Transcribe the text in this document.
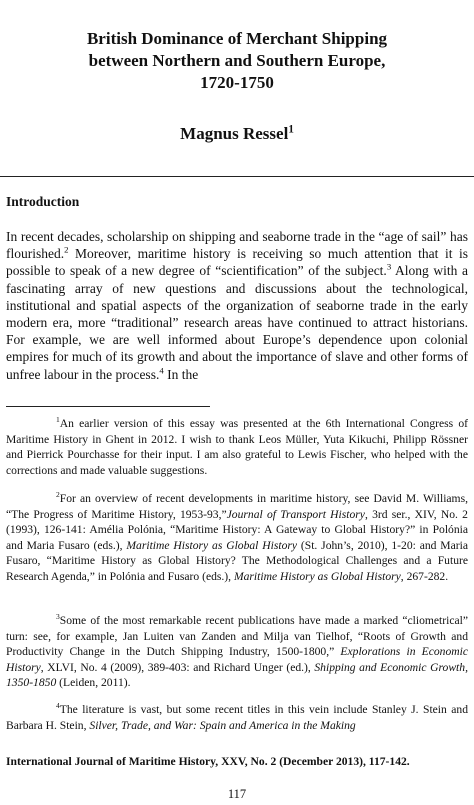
British Dominance of Merchant Shipping
between Northern and Southern Europe,
1720-1750
Magnus Ressel$^1$
Introduction
In recent decades, scholarship on shipping and seaborne trade in the “age of sail” has flourished.$^2$ Moreover, maritime history is receiving so much attention that it is possible to speak of a new degree of “scientification” of the subject.$^3$ Along with a fascinating array of new questions and discussions about the technological, institutional and spatial aspects of the organization of seaborne trade in the early modern era, more “traditional” research areas have continued to attract historians. For example, we are well informed about Europe’s dependence upon colonial empires for much of its growth and about the importance of slave and other forms of unfree labour in the process.$^4$ In the

$^1$An earlier version of this essay was presented at the 6th International Congress of Maritime History in Ghent in 2012. I wish to thank Leos Müller, Yuta Kikuchi, Philipp Rössner and Pierrick Pourchasse for their input. I am also grateful to Lewis Fischer, who helped with the corrections and made valuable suggestions.

$^2$For an overview of recent developments in maritime history, see David M. Williams, “The Progress of Maritime History, 1953-93,”Journal of Transport History, 3rd ser., XIV, No. 2 (1993), 126-141: Amélia Polónia, “Maritime History: A Gateway to Global History?” in Polónia and Maria Fusaro (eds.), Maritime History as Global History (St. John’s, 2010), 1-20: and Maria Fusaro, “Maritime History as Global History? The Methodological Challenges and a Future Research Agenda,” in Polónia and Fusaro (eds.), Maritime History as Global History, 267-282.

$^3$Some of the most remarkable recent publications have made a marked “cliometrical” turn: see, for example, Jan Luiten van Zanden and Milja van Tielhof, “Roots of Growth and Productivity Change in the Dutch Shipping Industry, 1500-1800,” Explorations in Economic History, XLVI, No. 4 (2009), 389-403: and Richard Unger (ed.), Shipping and Economic Growth, 1350-1850 (Leiden, 2011).

$^4$The literature is vast, but some recent titles in this vein include Stanley J. Stein and Barbara H. Stein, Silver, Trade, and War: Spain and America in the Making

International Journal of Maritime History, XXV, No. 2 (December 2013), 117-142.
117
